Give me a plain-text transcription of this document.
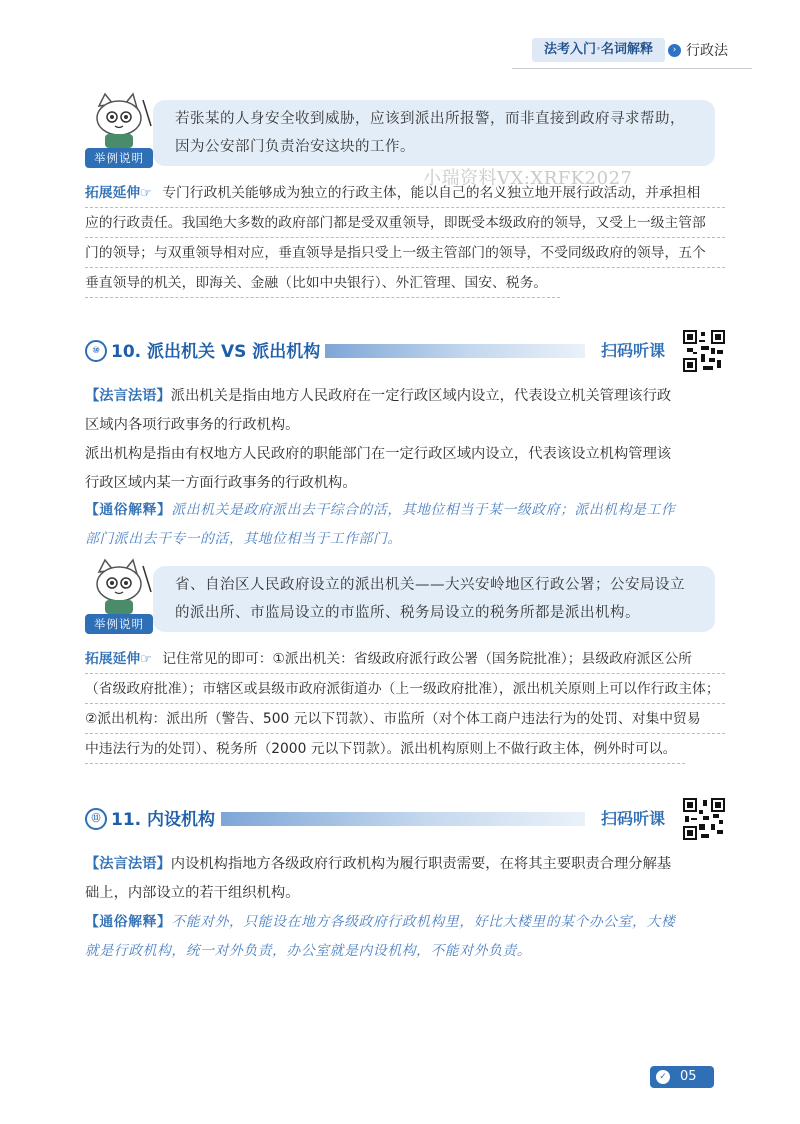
法考入门·名词解释	› 行政法
举例说明
若张某的人身安全收到威胁，应该到派出所报警，而非直接到政府寻求帮助，
因为公安部门负责治安这块的工作。
小瑞资料VX:XRFK2027
拓展延伸☞ 专门行政机关能够成为独立的行政主体，能以自己的名义独立地开展行政活动，并承担相
应的行政责任。我国绝大多数的政府部门都是受双重领导，即既受本级政府的领导，又受上一级主管部
门的领导；与双重领导相对应，垂直领导是指只受上一级主管部门的领导，不受同级政府的领导，五个
垂直领导的机关，即海关、金融（比如中央银行）、外汇管理、国安、税务。
⑩ 10. 派出机关 VS 派出机构	扫码听课
【法言法语】派出机关是指由地方人民政府在一定行政区域内设立，代表设立机关管理该行政
区域内各项行政事务的行政机构。
派出机构是指由有权地方人民政府的职能部门在一定行政区域内设立，代表该设立机构管理该
行政区域内某一方面行政事务的行政机构。
【通俗解释】派出机关是政府派出去干综合的活，其地位相当于某一级政府；派出机构是工作
部门派出去干专一的活，其地位相当于工作部门。
举例说明
省、自治区人民政府设立的派出机关——大兴安岭地区行政公署；公安局设立
的派出所、市监局设立的市监所、税务局设立的税务所都是派出机构。
拓展延伸☞ 记住常见的即可：①派出机关：省级政府派行政公署（国务院批准）；县级政府派区公所
（省级政府批准）；市辖区或县级市政府派街道办（上一级政府批准），派出机关原则上可以作行政主体；
②派出机构：派出所（警告、500 元以下罚款）、市监所（对个体工商户违法行为的处罚、对集中贸易
中违法行为的处罚）、税务所（2000 元以下罚款）。派出机构原则上不做行政主体，例外时可以。
⑪ 11. 内设机构	扫码听课
【法言法语】内设机构指地方各级政府行政机构为履行职责需要，在将其主要职责合理分解基
础上，内部设立的若干组织机构。
【通俗解释】不能对外，只能设在地方各级政府行政机构里，好比大楼里的某个办公室，大楼
就是行政机构，统一对外负责，办公室就是内设机构，不能对外负责。
✓ 05
